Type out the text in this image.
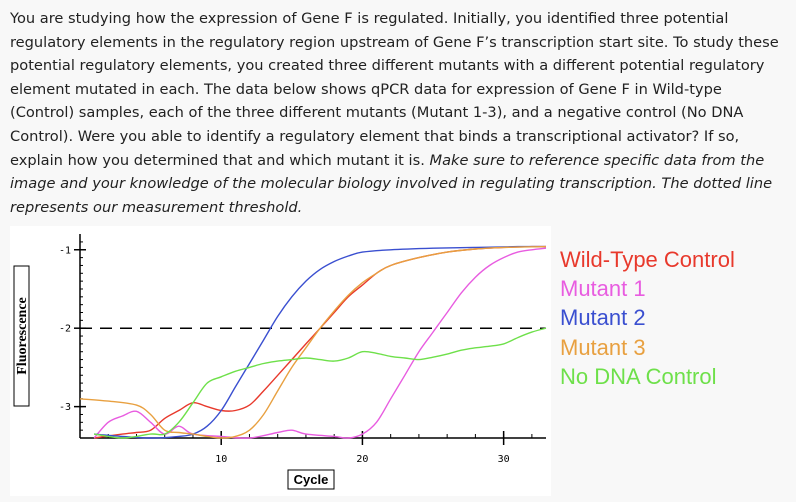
You are studying how the expression of Gene F is regulated. Initially, you identified three potential regulatory elements in the regulatory region upstream of Gene F’s transcription start site. To study these potential regulatory elements, you created three different mutants with a different potential regulatory element mutated in each. The data below shows qPCR data for expression of Gene F in Wild-type (Control) samples, each of the three different mutants (Mutant 1-3), and a negative control (No DNA Control). Were you able to identify a regulatory element that binds a transcriptional activator? If so, explain how you determined that and which mutant it is. Make sure to reference specific data from the image and your knowledge of the molecular biology involved in regulating transcription. The dotted line represents our measurement threshold.

-1
-2
-3
10	20	30
Fluorescence
Cycle
Wild-Type Control
Mutant 1
Mutant 2
Mutant 3
No DNA Control
